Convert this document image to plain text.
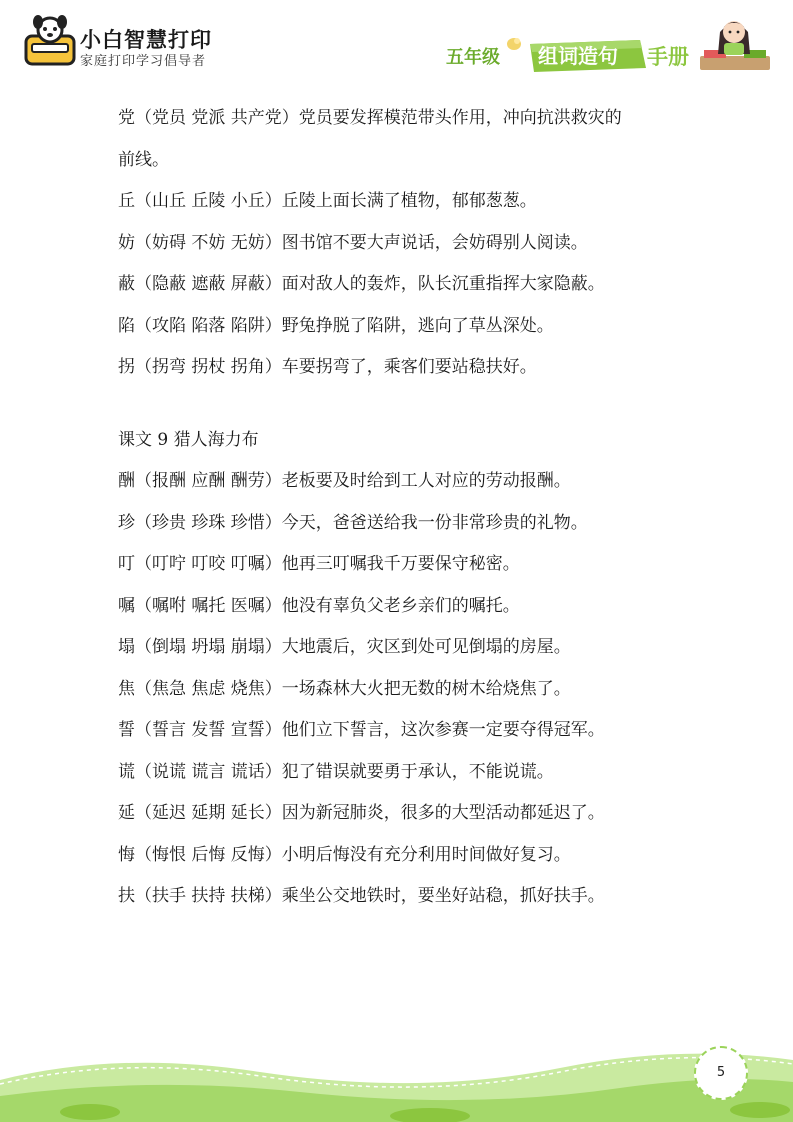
小白智慧打印
家庭打印学习倡导者	五年级 组词造句 手册
党（党员 党派 共产党）党员要发挥模范带头作用，冲向抗洪救灾的
前线。
丘（山丘 丘陵 小丘）丘陵上面长满了植物，郁郁葱葱。
妨（妨碍 不妨 无妨）图书馆不要大声说话，会妨碍别人阅读。
蔽（隐蔽 遮蔽 屏蔽）面对敌人的轰炸，队长沉重指挥大家隐蔽。
陷（攻陷 陷落 陷阱）野兔挣脱了陷阱，逃向了草丛深处。
拐（拐弯 拐杖 拐角）车要拐弯了，乘客们要站稳扶好。
课文 9 猎人海力布
酬（报酬 应酬 酬劳）老板要及时给到工人对应的劳动报酬。
珍（珍贵 珍珠 珍惜）今天，爸爸送给我一份非常珍贵的礼物。
叮（叮咛 叮咬 叮嘱）他再三叮嘱我千万要保守秘密。
嘱（嘱咐 嘱托 医嘱）他没有辜负父老乡亲们的嘱托。
塌（倒塌 坍塌 崩塌）大地震后，灾区到处可见倒塌的房屋。
焦（焦急 焦虑 烧焦）一场森林大火把无数的树木给烧焦了。
誓（誓言 发誓 宣誓）他们立下誓言，这次参赛一定要夺得冠军。
谎（说谎 谎言 谎话）犯了错误就要勇于承认，不能说谎。
延（延迟 延期 延长）因为新冠肺炎，很多的大型活动都延迟了。
悔（悔恨 后悔 反悔）小明后悔没有充分利用时间做好复习。
扶（扶手 扶持 扶梯）乘坐公交地铁时，要坐好站稳，抓好扶手。
5
